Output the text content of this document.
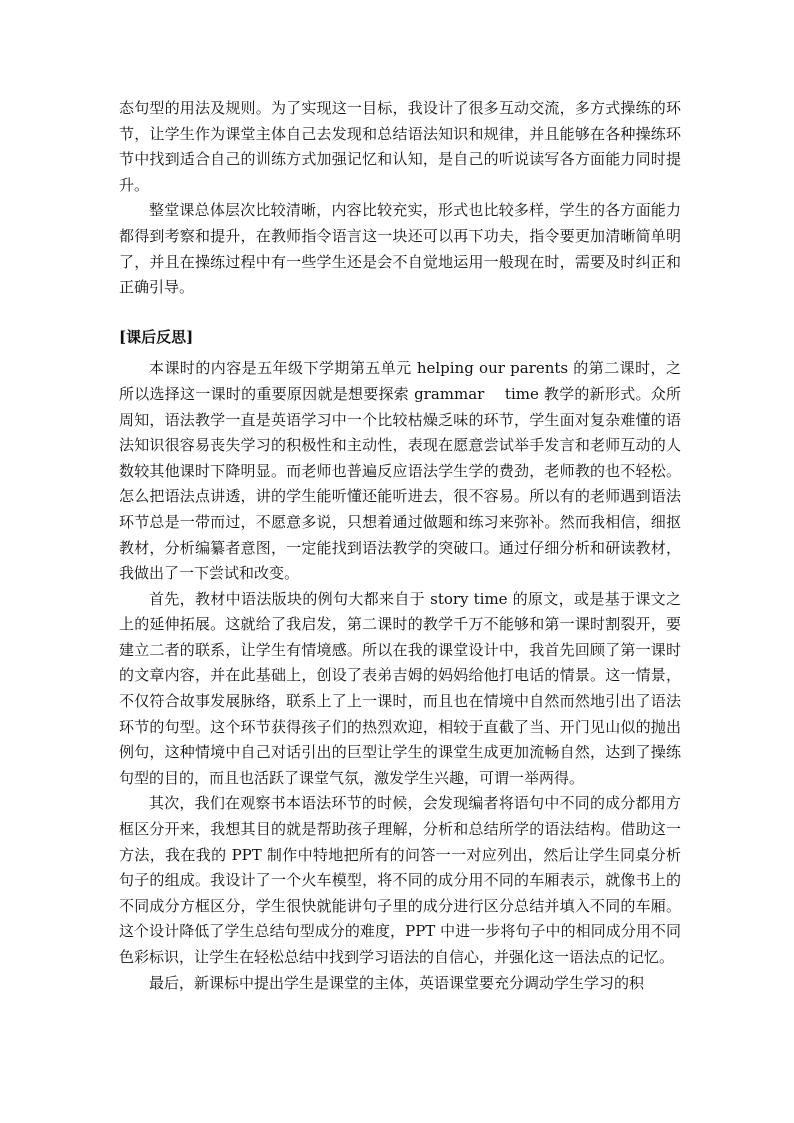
态句型的用法及规则。为了实现这一目标，我设计了很多互动交流，多方式操练的环节，让学生作为课堂主体自己去发现和总结语法知识和规律，并且能够在各种操练环节中找到适合自己的训练方式加强记忆和认知，是自己的听说读写各方面能力同时提升。

整堂课总体层次比较清晰，内容比较充实，形式也比较多样，学生的各方面能力都得到考察和提升，在教师指令语言这一块还可以再下功夫，指令要更加清晰简单明了，并且在操练过程中有一些学生还是会不自觉地运用一般现在时，需要及时纠正和正确引导。

[课后反思]

本课时的内容是五年级下学期第五单元 helping our parents 的第二课时，之所以选择这一课时的重要原因就是想要探索 grammar　 time 教学的新形式。众所周知，语法教学一直是英语学习中一个比较枯燥乏味的环节，学生面对复杂难懂的语法知识很容易丧失学习的积极性和主动性，表现在愿意尝试举手发言和老师互动的人数较其他课时下降明显。而老师也普遍反应语法学生学的费劲，老师教的也不轻松。怎么把语法点讲透，讲的学生能听懂还能听进去，很不容易。所以有的老师遇到语法环节总是一带而过，不愿意多说，只想着通过做题和练习来弥补。然而我相信，细抠教材，分析编纂者意图，一定能找到语法教学的突破口。通过仔细分析和研读教材，我做出了一下尝试和改变。

首先，教材中语法版块的例句大都来自于 story time 的原文，或是基于课文之上的延伸拓展。这就给了我启发，第二课时的教学千万不能够和第一课时割裂开，要建立二者的联系，让学生有情境感。所以在我的课堂设计中，我首先回顾了第一课时的文章内容，并在此基础上，创设了表弟吉姆的妈妈给他打电话的情景。这一情景，不仅符合故事发展脉络，联系上了上一课时，而且也在情境中自然而然地引出了语法环节的句型。这个环节获得孩子们的热烈欢迎，相较于直截了当、开门见山似的抛出例句，这种情境中自己对话引出的巨型让学生的课堂生成更加流畅自然，达到了操练句型的目的，而且也活跃了课堂气氛，激发学生兴趣，可谓一举两得。

其次，我们在观察书本语法环节的时候，会发现编者将语句中不同的成分都用方框区分开来，我想其目的就是帮助孩子理解，分析和总结所学的语法结构。借助这一方法，我在我的 PPT 制作中特地把所有的问答一一对应列出，然后让学生同桌分析句子的组成。我设计了一个火车模型，将不同的成分用不同的车厢表示，就像书上的不同成分方框区分，学生很快就能讲句子里的成分进行区分总结并填入不同的车厢。这个设计降低了学生总结句型成分的难度，PPT 中进一步将句子中的相同成分用不同色彩标识，让学生在轻松总结中找到学习语法的自信心，并强化这一语法点的记忆。

最后，新课标中提出学生是课堂的主体，英语课堂要充分调动学生学习的积
